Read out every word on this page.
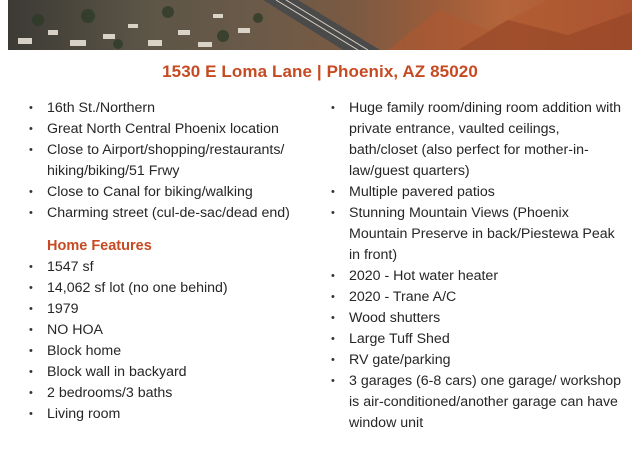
1530 E Loma Lane | Phoenix, AZ 85020
• 16th St./Northern
• Great North Central Phoenix location
• Close to Airport/shopping/restaurants/ hiking/biking/51 Frwy
• Close to Canal for biking/walking
• Charming street (cul-de-sac/dead end)
Home Features
• 1547 sf
• 14,062 sf lot (no one behind)
• 1979
• NO HOA
• Block home
• Block wall in backyard
• 2 bedrooms/3 baths
• Living room
• Huge family room/dining room addition with private entrance, vaulted ceilings, bath/closet (also perfect for mother-in-law/guest quarters)
• Multiple pavered patios
• Stunning Mountain Views (Phoenix Mountain Preserve in back/Piestewa Peak in front)
• 2020 - Hot water heater
• 2020 - Trane A/C
• Wood shutters
• Large Tuff Shed
• RV gate/parking
• 3 garages (6-8 cars) one garage/ workshop is air-conditioned/another garage can have window unit
